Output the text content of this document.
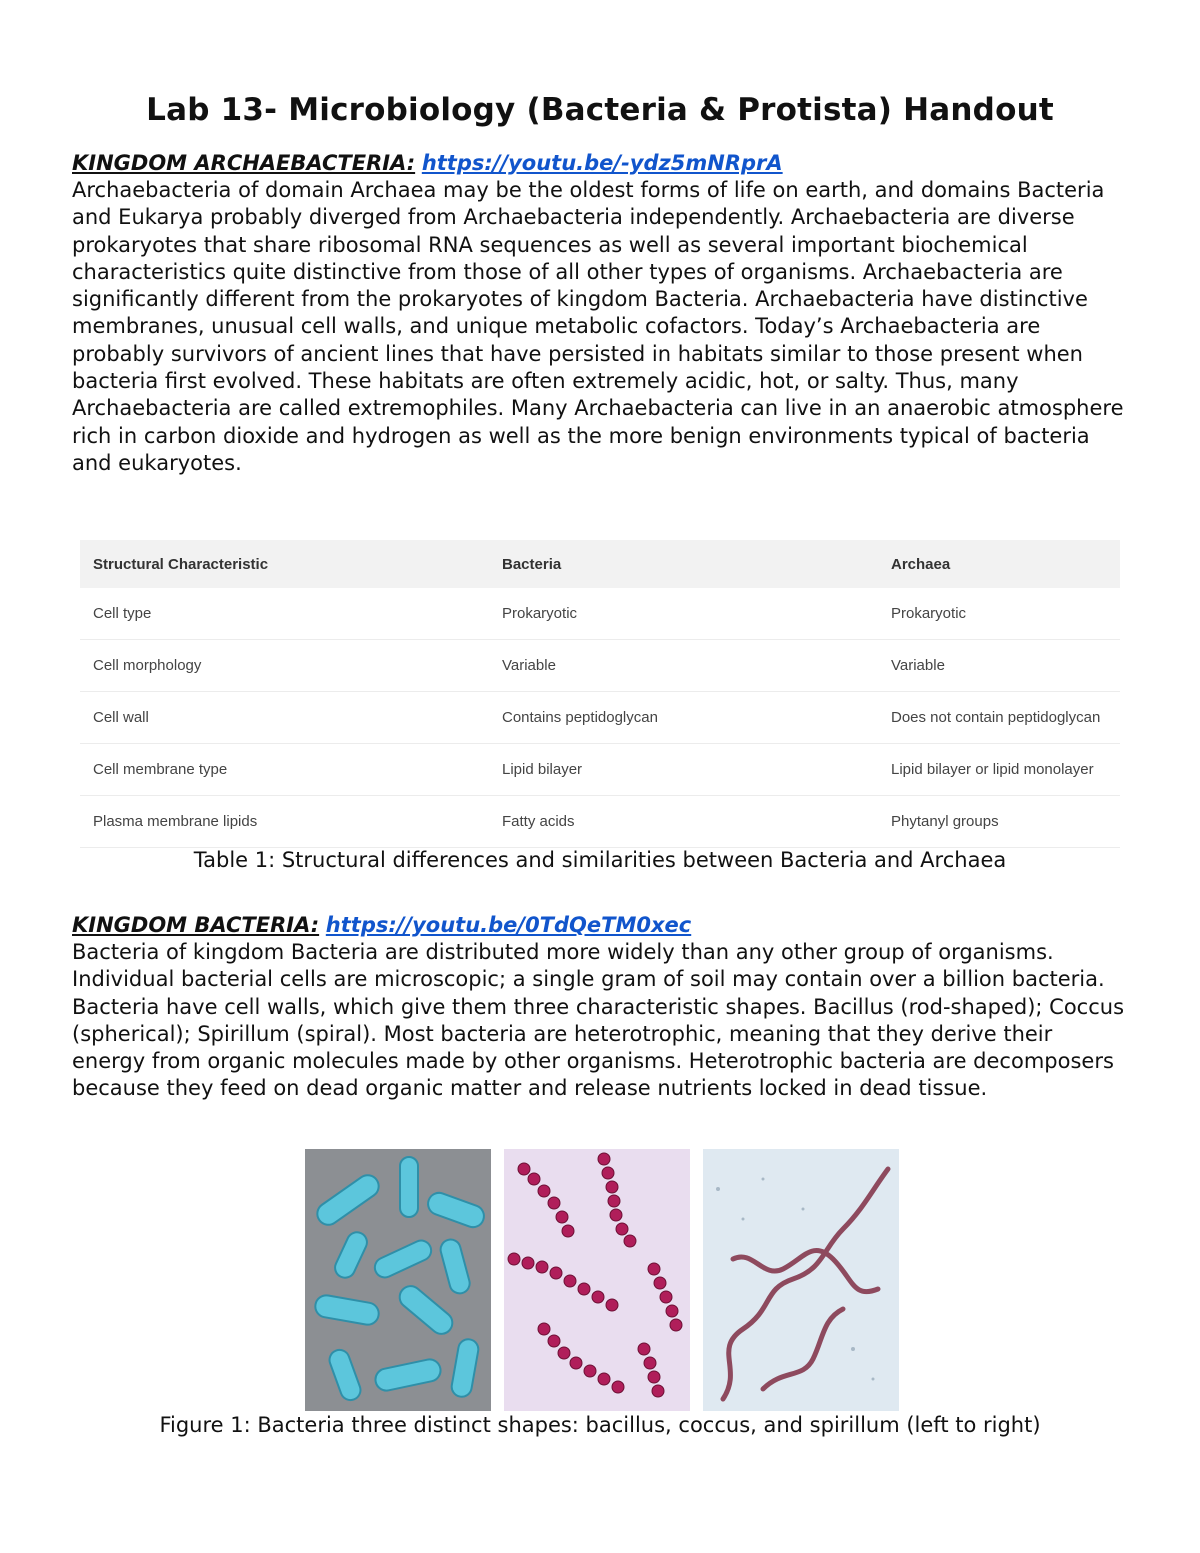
Lab 13- Microbiology (Bacteria & Protista) Handout
KINGDOM ARCHAEBACTERIA: https://youtu.be/-ydz5mNRprA

Archaebacteria of domain Archaea may be the oldest forms of life on earth, and domains Bacteria and Eukarya probably diverged from Archaebacteria independently. Archaebacteria are diverse prokaryotes that share ribosomal RNA sequences as well as several important biochemical characteristics quite distinctive from those of all other types of organisms. Archaebacteria are significantly different from the prokaryotes of kingdom Bacteria. Archaebacteria have distinctive membranes, unusual cell walls, and unique metabolic cofactors. Today’s Archaebacteria are probably survivors of ancient lines that have persisted in habitats similar to those present when bacteria first evolved. These habitats are often extremely acidic, hot, or salty. Thus, many Archaebacteria are called extremophiles. Many Archaebacteria can live in an anaerobic atmosphere rich in carbon dioxide and hydrogen as well as the more benign environments typical of bacteria and eukaryotes.

Structural Characteristic	Bacteria	Archaea
Cell type	Prokaryotic	Prokaryotic
Cell morphology	Variable	Variable
Cell wall	Contains peptidoglycan	Does not contain peptidoglycan
Cell membrane type	Lipid bilayer	Lipid bilayer or lipid monolayer
Plasma membrane lipids	Fatty acids	Phytanyl groups
Table 1: Structural differences and similarities between Bacteria and Archaea
KINGDOM BACTERIA: https://youtu.be/0TdQeTM0xec

Bacteria of kingdom Bacteria are distributed more widely than any other group of organisms. Individual bacterial cells are microscopic; a single gram of soil may contain over a billion bacteria. Bacteria have cell walls, which give them three characteristic shapes. Bacillus (rod-shaped); Coccus (spherical); Spirillum (spiral). Most bacteria are heterotrophic, meaning that they derive their energy from organic molecules made by other organisms. Heterotrophic bacteria are decomposers because they feed on dead organic matter and release nutrients locked in dead tissue.

Figure 1: Bacteria three distinct shapes: bacillus, coccus, and spirillum (left to right)
